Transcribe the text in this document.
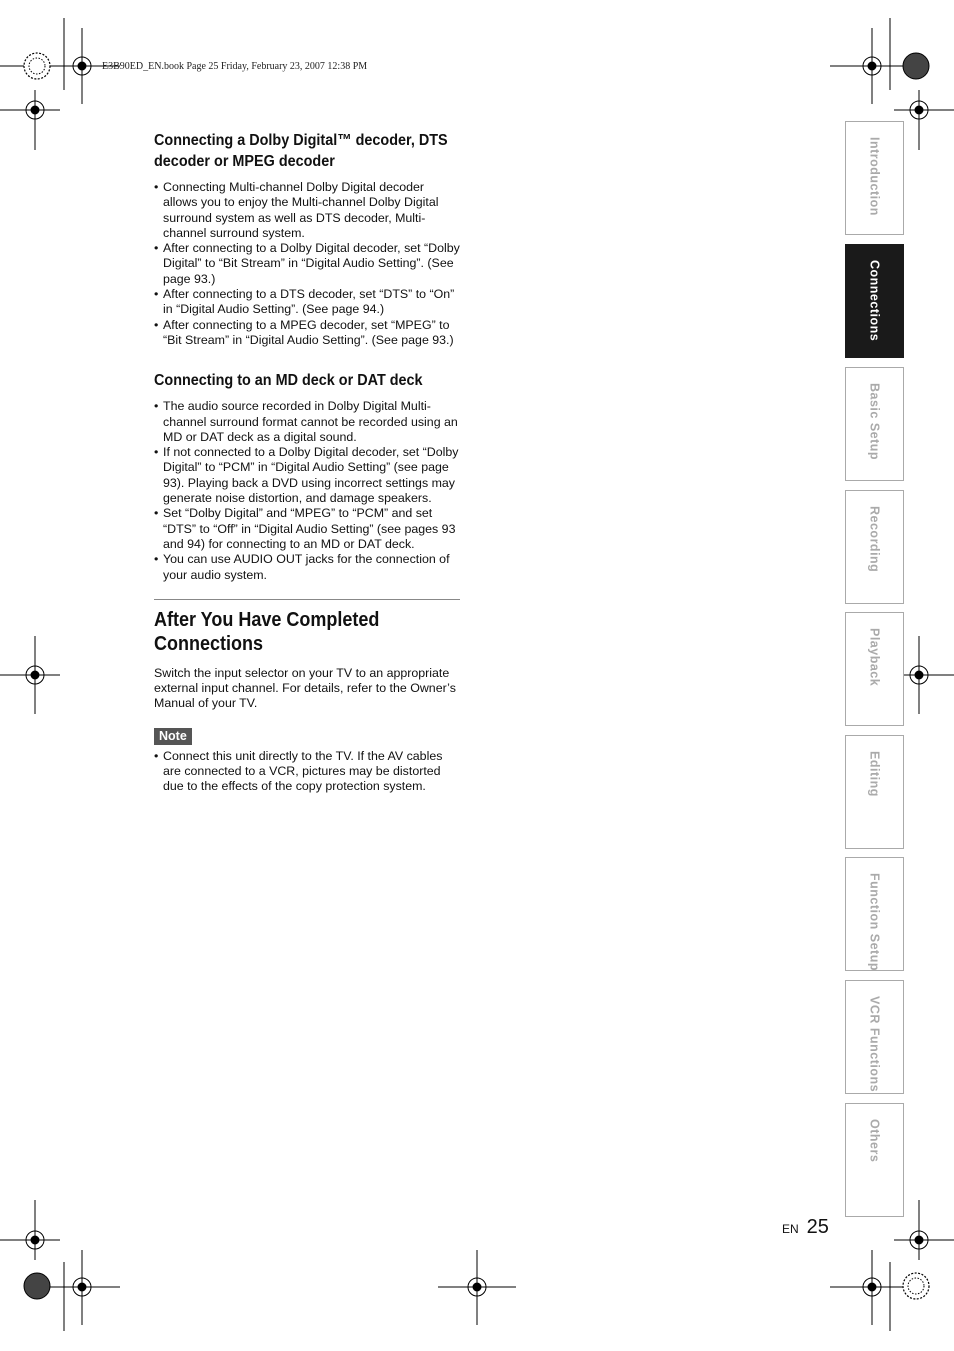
E3B90ED_EN.book Page 25 Friday, February 23, 2007 12:38 PM
Connecting a Dolby Digital™ decoder, DTS decoder or MPEG decoder
• Connecting Multi-channel Dolby Digital decoder allows you to enjoy the Multi-channel Dolby Digital surround system as well as DTS decoder, Multi-channel surround system.
• After connecting to a Dolby Digital decoder, set “Dolby Digital” to “Bit Stream” in “Digital Audio Setting”. (See page 93.)
• After connecting to a DTS decoder, set “DTS” to “On” in “Digital Audio Setting”. (See page 94.)
• After connecting to a MPEG decoder, set “MPEG” to “Bit Stream” in “Digital Audio Setting”. (See page 93.)
Connecting to an MD deck or DAT deck
• The audio source recorded in Dolby Digital Multi-channel surround format cannot be recorded using an MD or DAT deck as a digital sound.
• If not connected to a Dolby Digital decoder, set “Dolby Digital” to “PCM” in “Digital Audio Setting” (see page 93). Playing back a DVD using incorrect settings may generate noise distortion, and damage speakers.
• Set “Dolby Digital” and “MPEG” to “PCM” and set “DTS” to “Off” in “Digital Audio Setting” (see pages 93 and 94) for connecting to an MD or DAT deck.
• You can use AUDIO OUT jacks for the connection of your audio system.
After You Have Completed Connections

Switch the input selector on your TV to an appropriate external input channel. For details, refer to the Owner’s Manual of your TV.

Note
• Connect this unit directly to the TV. If the AV cables are connected to a VCR, pictures may be distorted due to the effects of the copy protection system.
Introduction
Connections
Basic Setup
Recording
Playback
Editing
Function Setup
VCR Functions
Others
EN 25
